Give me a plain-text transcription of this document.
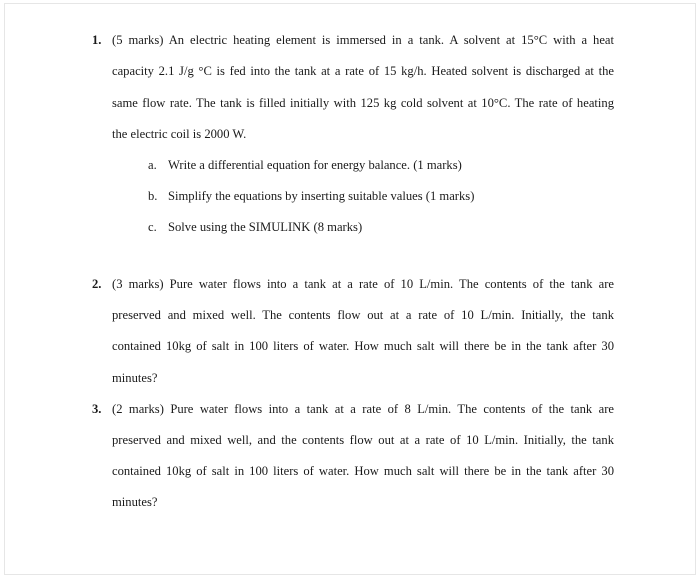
1. (5 marks) An electric heating element is immersed in a tank. A solvent at 15°C with a heat
capacity 2.1 J/g °C is fed into the tank at a rate of 15 kg/h. Heated solvent is discharged at the
same flow rate. The tank is filled initially with 125 kg cold solvent at 10°C. The rate of heating
the electric coil is 2000 W.
a. Write a differential equation for energy balance. (1 marks)
b. Simplify the equations by inserting suitable values (1 marks)
c. Solve using the SIMULINK (8 marks)
2. (3 marks) Pure water flows into a tank at a rate of 10 L/min. The contents of the tank are
preserved and mixed well. The contents flow out at a rate of 10 L/min. Initially, the tank
contained 10kg of salt in 100 liters of water. How much salt will there be in the tank after 30
minutes?
3. (2 marks) Pure water flows into a tank at a rate of 8 L/min. The contents of the tank are
preserved and mixed well, and the contents flow out at a rate of 10 L/min. Initially, the tank
contained 10kg of salt in 100 liters of water. How much salt will there be in the tank after 30
minutes?
